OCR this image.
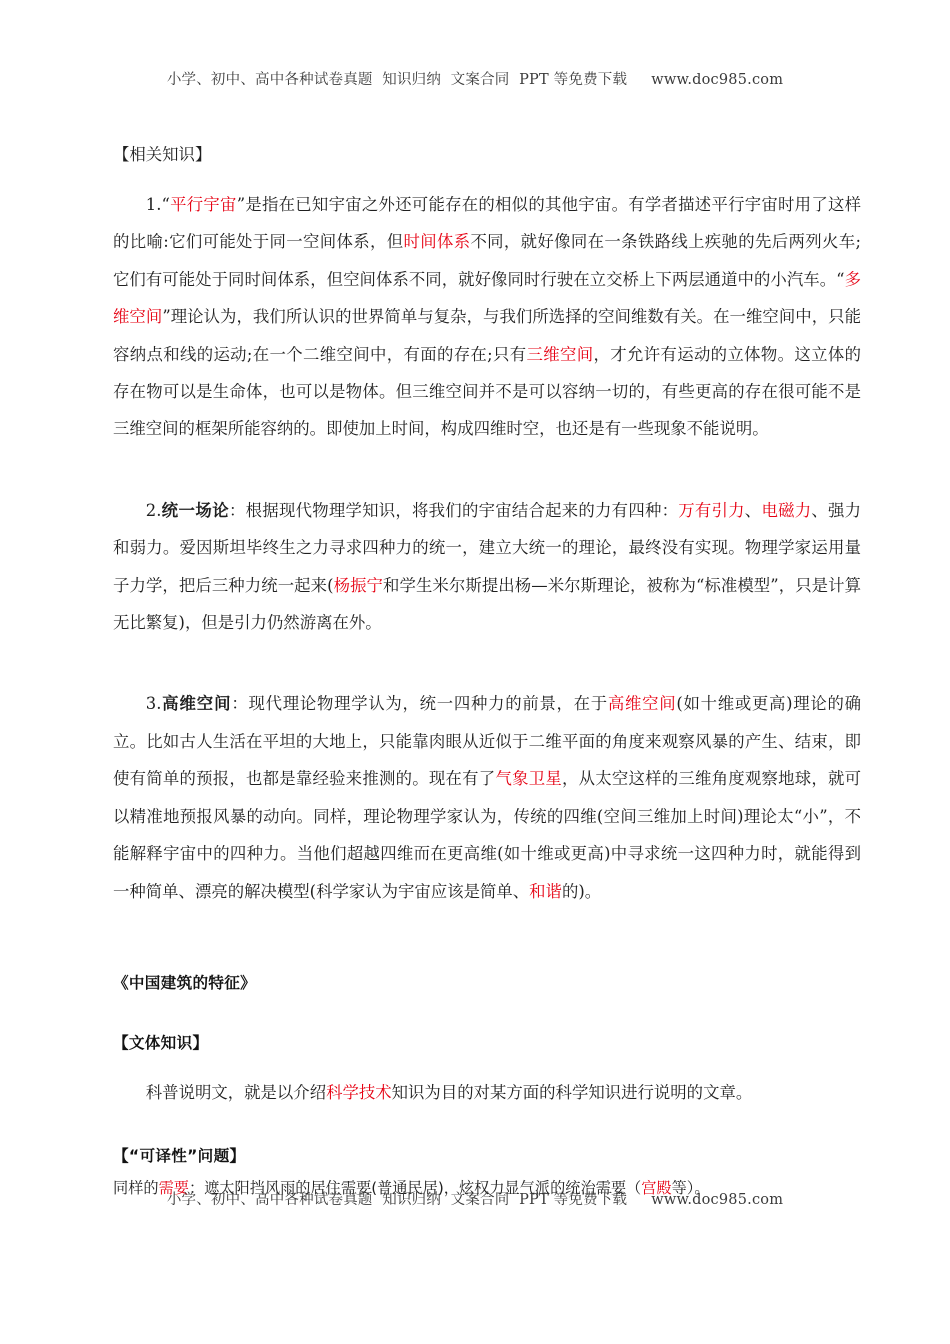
小学、初中、高中各种试卷真题  知识归纳  文案合同  PPT 等免费下载     www.doc985.com

【相关知识】

1.“平行宇宙”是指在已知宇宙之外还可能存在的相似的其他宇宙。有学者描述平行宇宙时用了这样的比喻:它们可能处于同一空间体系，但时间体系不同，就好像同在一条铁路线上疾驰的先后两列火车;它们有可能处于同时间体系，但空间体系不同，就好像同时行驶在立交桥上下两层通道中的小汽车。“多维空间”理论认为，我们所认识的世界简单与复杂，与我们所选择的空间维数有关。在一维空间中，只能容纳点和线的运动;在一个二维空间中，有面的存在;只有三维空间，才允许有运动的立体物。这立体的存在物可以是生命体，也可以是物体。但三维空间并不是可以容纳一切的，有些更高的存在很可能不是三维空间的框架所能容纳的。即使加上时间，构成四维时空，也还是有一些现象不能说明。

2.统一场论：根据现代物理学知识，将我们的宇宙结合起来的力有四种：万有引力、电磁力、强力和弱力。爱因斯坦毕终生之力寻求四种力的统一，建立大统一的理论，最终没有实现。物理学家运用量子力学，把后三种力统一起来(杨振宁和学生米尔斯提出杨—米尔斯理论，被称为“标准模型”，只是计算无比繁复)，但是引力仍然游离在外。

3.高维空间：现代理论物理学认为，统一四种力的前景，在于高维空间(如十维或更高)理论的确立。比如古人生活在平坦的大地上，只能靠肉眼从近似于二维平面的角度来观察风暴的产生、结束，即使有简单的预报，也都是靠经验来推测的。现在有了气象卫星，从太空这样的三维角度观察地球，就可以精准地预报风暴的动向。同样，理论物理学家认为，传统的四维(空间三维加上时间)理论太“小”，不能解释宇宙中的四种力。当他们超越四维而在更高维(如十维或更高)中寻求统一这四种力时，就能得到一种简单、漂亮的解决模型(科学家认为宇宙应该是简单、和谐的)。

《中国建筑的特征》

【文体知识】

科普说明文，就是以介绍科学技术知识为目的对某方面的科学知识进行说明的文章。

【“可译性”问题】

同样的需要：遮太阳挡风雨的居住需要(普通民居)，炫权力显气派的统治需要（宫殿等）。

小学、初中、高中各种试卷真题  知识归纳  文案合同  PPT 等免费下载     www.doc985.com
